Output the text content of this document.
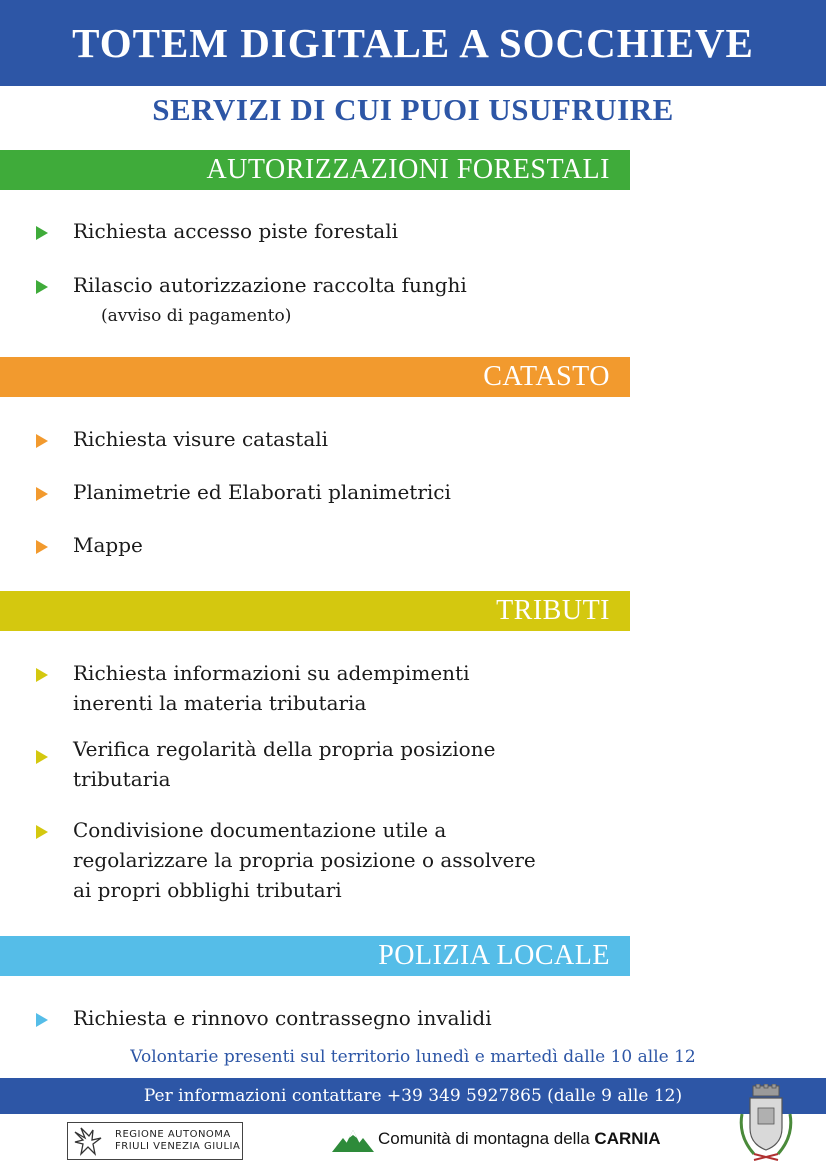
TOTEM DIGITALE A SOCCHIEVE
SERVIZI DI CUI PUOI USUFRUIRE
AUTORIZZAZIONI FORESTALI
Richiesta accesso piste forestali
Rilascio autorizzazione raccolta funghi
(avviso di pagamento)
CATASTO
Richiesta visure catastali
Planimetrie ed Elaborati planimetrici
Mappe
TRIBUTI
Richiesta informazioni su adempimenti
inerenti la materia tributaria
Verifica regolarità della propria posizione
tributaria
Condivisione documentazione utile a
regolarizzare la propria posizione o assolvere
ai propri obblighi tributari
POLIZIA LOCALE
Richiesta e rinnovo contrassegno invalidi
Volontarie presenti sul territorio lunedì e martedì dalle 10 alle 12
Per informazioni contattare +39 349 5927865 (dalle 9 alle 12)
REGIONE AUTONOMA
FRIULI VENEZIA GIULIA	Comunità di montagna della CARNIA
